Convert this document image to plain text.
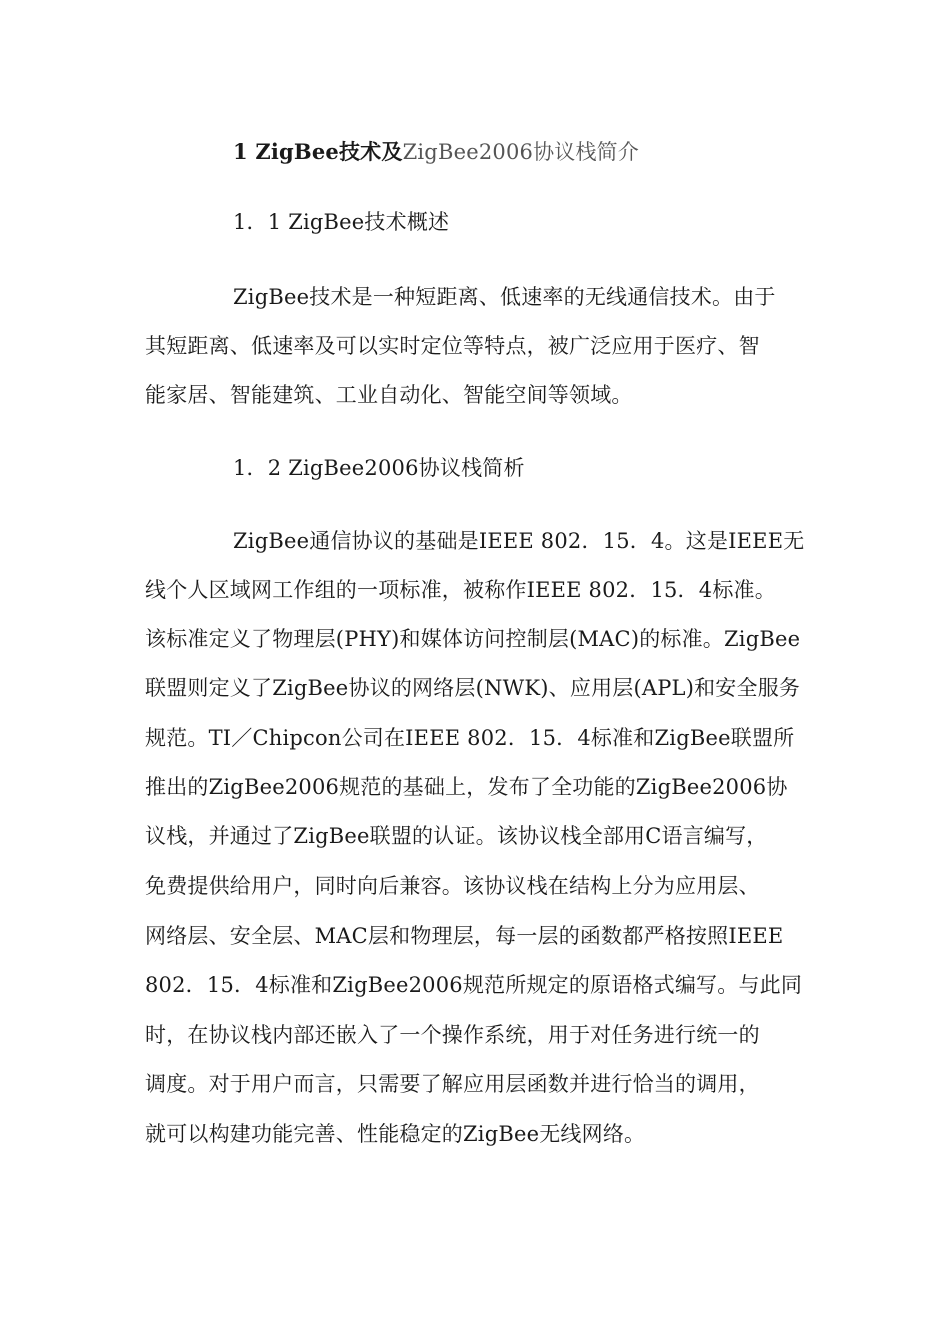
1 ZigBee技术及ZigBee2006协议栈简介
1．1 ZigBee技术概述
ZigBee技术是一种短距离、低速率的无线通信技术。由于
其短距离、低速率及可以实时定位等特点，被广泛应用于医疗、智
能家居、智能建筑、工业自动化、智能空间等领域。
1．2 ZigBee2006协议栈简析
ZigBee通信协议的基础是IEEE 802．15．4。这是IEEE无
线个人区域网工作组的一项标准，被称作IEEE 802．15．4标准。
该标准定义了物理层(PHY)和媒体访问控制层(MAC)的标准。ZigBee
联盟则定义了ZigBee协议的网络层(NWK)、应用层(APL)和安全服务
规范。TI／Chipcon公司在IEEE 802．15．4标准和ZigBee联盟所
推出的ZigBee2006规范的基础上，发布了全功能的ZigBee2006协
议栈，并通过了ZigBee联盟的认证。该协议栈全部用C语言编写，
免费提供给用户，同时向后兼容。该协议栈在结构上分为应用层、
网络层、安全层、MAC层和物理层，每一层的函数都严格按照IEEE
802．15．4标准和ZigBee2006规范所规定的原语格式编写。与此同
时，在协议栈内部还嵌入了一个操作系统，用于对任务进行统一的
调度。对于用户而言，只需要了解应用层函数并进行恰当的调用，
就可以构建功能完善、性能稳定的ZigBee无线网络。
